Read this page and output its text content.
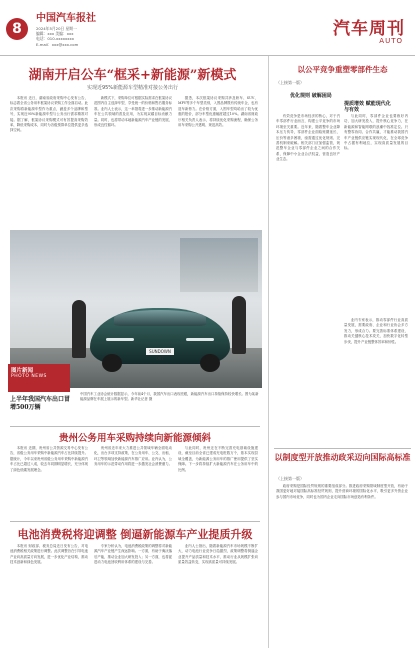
8
中国汽车报社
2024年5月20日 星期一
编辑：xxx 美编：xxx
电话：010-xxxxxxxx
E-mail：xxx@xxx.com
汽车周刊
AUTO
湖南开启公车“框采+新能源”新模式
实现近95%新能源车型精准对接公务出行

本报讯 近日，湖南省政府采购中心发布公告，标志着全省公务用车框架协议采购工作全面启动。此次采购将新能源车型作为重点，涵盖多个品牌和型号，实现近95%新能源车型与公务出行需求精准对接。据了解，框架协议采购模式可有效提高采购效率，降低采购成本，同时为各级预算单位提供更多选择空间。

新模式下，采购单位可根据实际需求在框架协议范围内自主选择车型，享受统一的价格和售后服务标准。业内人士表示，这一举措将进一步推动新能源汽车在公共领域的普及应用，为实现双碳目标贡献力量。同时，也将带动本地新能源汽车产业链的发展，形成良性循环。

据悉，本次框架协议采购共涉及轿车、SUV、MPV等多个车型类别，入围品牌既有传统车企，也有造车新势力。在价格方面，入围车型均给出了较为优惠的报价，部分车型优惠幅度超过10%。湖南省财政厅相关负责人表示，将持续优化采购流程，确保公务用车采购公开透明、规范高效。

SUNDOWN 007
图片新闻
PHOTO NEWS
上半年我国汽车出口冒增500万辆
中国汽车工业协会统计数据显示，今年前4个月，我国汽车出口表现亮眼，新能源汽车出口持续保持较快增长。图为某新能源品牌在车展上展示的新车型。新华社记者 摄
贵州公务用车采购持续向新能源倾斜

本报讯 近期，贵州省公共资源交易中心发布公告，省级公务用车采购中新能源汽车占比持续提升。据统计，今年以来贵州省级公务用车采购中新能源汽车占比已超过八成，较去年同期明显增长，充分体现了绿色低碳发展理念。

贵州省近年来大力推进公共领域车辆全面电动化，出台多项支持政策，在公务用车、公交、出租、环卫等领域加快新能源汽车推广应用。业内认为，公务用车的示范带动作用将进一步激发社会消费潜力。

与此同时，贵州还在不断完善充电基础设施建设，截至目前全省已建成充电桩数万个，基本实现县域全覆盖，为新能源公务用车的推广使用提供了坚实保障。下一步将持续扩大新能源汽车在公务用车中的比例。

电池消费税将迎调整 倒逼新能源车产业提质升级

本报讯 财政部、税务总局近日发布公告，对电池消费税相关政策进行调整。此次调整旨在引导电池产业向高质量方向发展，进一步优化产业结构，推动技术创新和绿色发展。

专家分析认为，电池消费税政策的调整将对新能源汽车产业链产生深远影响。一方面，有助于淘汰落后产能，推动企业加大研发投入；另一方面，也将促进动力电池回收利用体系的建设与完善。

业内人士指出，随着新能源汽车市场规模不断扩大，动力电池行业竞争日趋激烈，政策调整将倒逼企业提升产品质量和技术水平，推动行业从规模扩张向质量效益转变，实现高质量可持续发展。

以公平竞争重塑零部件生态
（上接第一版）
优化规则 破解困局
与有效
提质增效 赋能现代化

有效竞争是市场经济的核心，对于汽车零部件行业而言，构建公平竞争的市场环境至关重要。近年来，随着整车企业降本压力传导，零部件企业面临账期延长、压价等诸多困境，亟需通过优化规则、完善机制来破解。相关部门应加强监管，规范整车企业与零部件企业之间的合作关系，保障中小企业合法权益，营造良好产业生态。

与此同时，零部件企业也要练好内功，加大研发投入，提升核心竞争力，在新能源和智能网联的浪潮中找准定位。只有整零协同、合作共赢，才能推动我国汽车产业链供应链实现现代化，在全球竞争中占据有利地位，实现高质量发展的目标。

业内专家表示，推动零部件行业高质量发展，需要政府、企业和行业协会多方发力，形成合力。要完善标准体系建设，推动关键核心技术攻关，加快数字化转型步伐，提升产业链整体效率和韧性。

以制度型开放推动政采迈向国际高标准
（上接第一版）

政府采购是国际经贸规则的重要组成部分。推进政府采购领域制度型开放，有助于我国更好地对接国际高标准经贸规则，提升营商环境的国际化水平，吸引更多外资企业参与国内市场竞争，同时也为国内企业走向国际市场创造有利条件。
